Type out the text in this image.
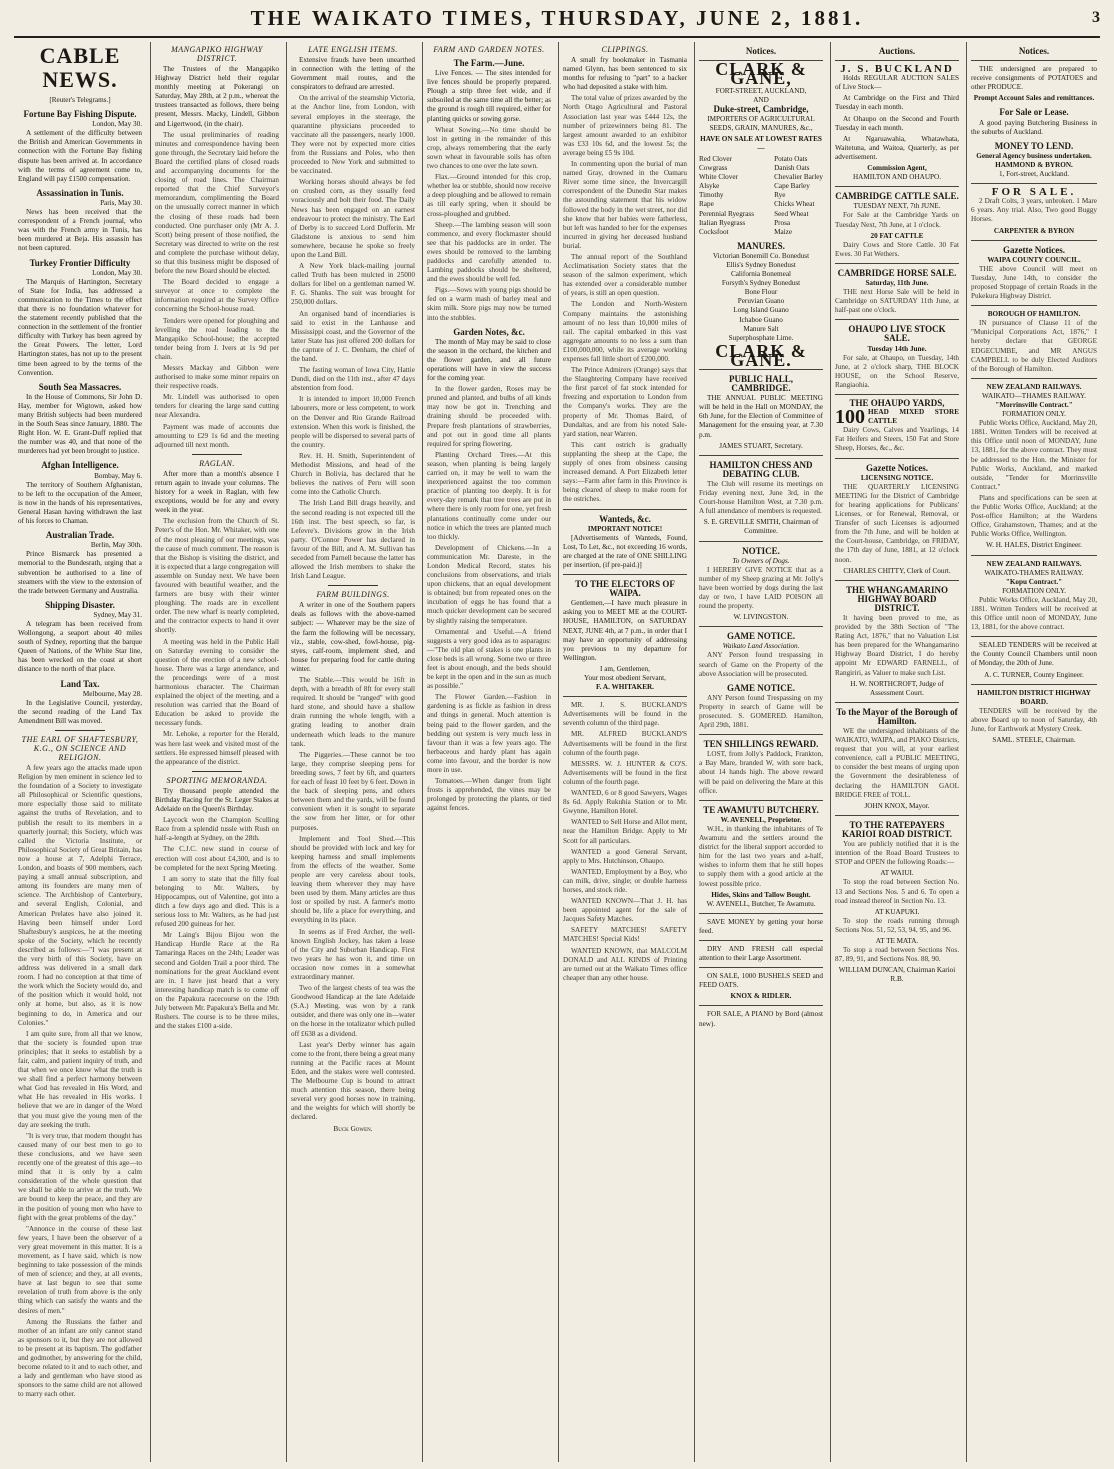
THE WAIKATO TIMES, THURSDAY, JUNE 2, 1881.	3
CABLE NEWS.
[Reuter's Telegrams.]
Fortune Bay Fishing Dispute.
London, May 30.

A settlement of the difficulty between the British and American Governments in connection with the Fortune Bay fishing dispute has been arrived at. In accordance with the terms of agreement come to, England will pay £1500 compensation.

Assassination in Tunis.
Paris, May 30.

News has been received that the correspondent of a French journal, who was with the French army in Tunis, has been murdered at Beja. His assassin has not been captured.

Turkey Frontier Difficulty
London, May 30.

The Marquis of Hartington, Secretary of State for India, has addressed a communication to the Times to the effect that there is no foundation whatever for the statement recently published that the connection in the settlement of the frontier difficulty with Turkey has been agreed by the Great Powers. The letter, Lord Hartington states, has not up to the present time been agreed to by the terms of the Convention.

South Sea Massacres.

In the House of Commons, Sir John D. Hay, member for Wigtown, asked how many British subjects had been murdered in the South Seas since January, 1880. The Right Hon. W. E. Grant-Duff replied that the number was 40, and that none of the murderers had yet been brought to justice.

Afghan Intelligence.
Bombay, May 6.

The territory of Southern Afghanistan, to be left to the occupation of the Ameer, is now in the hands of his representatives, General Hasan having withdrawn the last of his forces to Chaman.

Australian Trade.
Berlin, May 30th.

Prince Bismarck has presented a memorial to the Bundesrath, urging that a subvention be authorised to a line of steamers with the view to the extension of the trade between Germany and Australia.

Shipping Disaster.
Sydney, May 31.

A telegram has been received from Wollongong, a seaport about 40 miles south of Sydney, reporting that the barque Queen of Nations, of the White Star line, has been wrecked on the coast at short distance to the north of that place.

Land Tax.
Melbourne, May 28.

In the Legislative Council, yesterday, the second reading of the Land Tax Amendment Bill was moved.

THE EARL OF SHAFTESBURY, K.G., ON SCIENCE AND RELIGION.

A few years ago the attacks made upon Religion by men eminent in science led to the foundation of a Society to investigate all Philosophical or Scientific questions, more especially those said to militate against the truths of Revelation, and to publish the result to its members in a quarterly journal; this Society, which was called the Victoria Institute, or Philosophical Society of Great Britain, has now a house at 7, Adelphi Terrace, London, and boasts of 900 members, each paying a small annual subscription, and among its founders are many men of science. The Archbishop of Canterbury, and several English, Colonial, and American Prelates have also joined it. Having been himself under Lord Shaftesbury's auspices, he at the meeting spoke of the Society, which he recently described as follows:—"I was present at the very birth of this Society, have on address was delivered in a small dark room. I had no conception at that time of the work which the Society would do, and of the position which it would hold, not only at home, but also, as it is now beginning to do, in America and our Colonies."

I am quite sure, from all that we know, that the society is founded upon true principles; that it seeks to establish by a fair, calm, and patient inquiry of truth, and that when we once know what the truth is we shall find a perfect harmony between what God has revealed in His Word, and what He has revealed in His works. I believe that we are in danger of the Word that you must give the young men of the day are seeking the truth.

"It is very true, that modern thought has caused many of our best men to go to these conclusions, and we have seen recently one of the greatest of this age—to mind that it is only by a calm consideration of the whole question that we shall be able to arrive at the truth. We are bound to keep the peace, and they are in the position of young men who have to fight with the great problems of the day."

"Annonce in the course of these last few years, I have been the observer of a very great movement in this matter. It is a movement, as I have said, which is now beginning to take possession of the minds of men of science; and they, at all events, have at last begun to see that some revelation of truth from above is the only thing which can satisfy the wants and the desires of men."

Among the Russians the father and mother of an infant are only cannot stand as sponsors to it, but they are not allowed to be present at its baptism. The godfather and godmother, by answering for the child, become related to it and to each other, and a lady and gentleman who have stood as sponsors to the same child are not allowed to marry each other.

MANGAPIKO HIGHWAY DISTRICT.

The Trustees of the Mangapiko Highway District held their regular monthly meeting at Pokerangi on Saturday, May 28th, at 2 p.m., whereat the trustees transacted as follows, there being present, Messrs. Macky, Lindell, Gibbon and Ligertwood, (in the chair).

The usual preliminaries of reading minutes and correspondence having been gone through, the Secretary laid before the Board the certified plans of closed roads and accompanying documents for the closing of road lines. The Chairman reported that the Chief Surveyor's memorandum, complimenting the Board on the unusually correct manner in which the closing of these roads had been conducted. One purchaser only (Mr A. J. Scott) being present of those notified, the Secretary was directed to write on the rest and complete the purchase without delay, so that this business might be disposed of before the new Board should be elected.

The Board decided to engage a surveyor at once to complete the information required at the Survey Office concerning the School-house road.

Tenders were opened for ploughing and levelling the road leading to the Mangapiko School-house; the accepted tender being from J. Ivers at 1s 9d per chain.

Messrs Mackay and Gibbon were authorised to make some minor repairs on their respective roads.

Mr. Lindell was authorised to open tenders for clearing the large sand cutting near Alexandra.

Payment was made of accounts due amounting to £29 1s 6d and the meeting adjourned till next month.

RAGLAN.

After more than a month's absence I return again to invade your columns. The history for a week in Raglan, with few exceptions, would be for any and every week in the year.

The exclusion from the Church of St. Peter's of the Hon. Mr. Whitaker, with one of the most pleasing of our meetings, was the cause of much comment. The reason is that the Bishop is visiting the district, and it is expected that a large congregation will assemble on Sunday next. We have been favoured with beautiful weather, and the farmers are busy with their winter ploughing. The roads are in excellent order. The new wharf is nearly completed, and the contractor expects to hand it over shortly.

A meeting was held in the Public Hall on Saturday evening to consider the question of the erection of a new school-house. There was a large attendance, and the proceedings were of a most harmonious character. The Chairman explained the object of the meeting, and a resolution was carried that the Board of Education be asked to provide the necessary funds.

Mr. Lehoke, a reporter for the Herald, was here last week and visited most of the settlers. He expressed himself pleased with the appearance of the district.

SPORTING MEMORANDA.

Try thousand people attended the Birthday Racing for the St. Leger Stakes at Adelaide on the Queen's Birthday.

Laycock won the Champion Sculling Race from a splendid tussle with Rush on half-a-length at Sydney, on the 28th.

The C.J.C. new stand in course of erection will cost about £4,300, and is to be completed for the next Spring Meeting.

I am sorry to state that the filly foal belonging to Mr. Walters, by Hippocampus, out of Valentine, got into a ditch a few days ago and died. This is a serious loss to Mr. Walters, as he had just refused 200 guineas for her.

Mr Laing's Bijou Bijou won the Handicap Hurdle Race at the Ra Tamaringa Races on the 24th; Leader was second and Golden Trail a poor third. The nominations for the great Auckland event are in. I have just heard that a very interesting handicap match is to come off on the Papakura racecourse on the 19th July between Mr. Papakura's Bella and Mr. Rushers. The course is to be three miles, and the stakes £100 a-side.

LATE ENGLISH ITEMS.

Extensive frauds have been unearthed in connection with the letting of the Government mail routes, and the conspirators to defraud are arrested.

On the arrival of the steamship Victoria, at the Anchor line, from London, with several employes in the steerage, the quarantine physicians proceeded to vaccinate all the passengers, nearly 1000. They were not by expected more cities from the Russians and Poles, who then proceeded to New York and submitted to be vaccinated.

Working horses should always be fed on crushed corn, as they usually feed voraciously and bolt their food. The Daily News has been engaged on an earnest endeavour to protect the ministry. The Earl of Derby is to succeed Lord Dufferin. Mr Gladstone is anxious to send him somewhere, because he spoke so freely upon the Land Bill.

A New York black-mailing journal called Truth has been mulcted in 25000 dollars for libel on a gentleman named W. F. G. Shanks. The suit was brought for 250,000 dollars.

An organised band of incendiaries is said to exist in the Lanhause and Mississippi coast, and the Governor of the latter State has just offered 200 dollars for the capture of J. C. Denham, the chief of the band.

The fasting woman of Iowa City, Hattie Dundi, died on the 11th inst., after 47 days abstention from food.

It is intended to import 10,000 French labourers, more or less competent, to work on the Denver and Rio Grande Railroad extension. When this work is finished, the people will be dispersed to several parts of the country.

Rev. H. H. Smith, Superintendent of Methodist Missions, and head of the Church in Bolivia, has declared that he believes the natives of Peru will soon come into the Catholic Church.

The Irish Land Bill drags heavily, and the second reading is not expected till the 16th inst. The best speech, so far, is Lefevre's. Divisions grow in the Irish party. O'Connor Power has declared in favour of the Bill, and A. M. Sullivan has seceded from Parnell because the latter has allowed the Irish members to shake the Irish Land League.

FARM BUILDINGS.

A writer in one of the Southern papers deals as follows with the above-named subject: — Whatever may be the size of the farm the following will be necessary, viz., stable, cow-shed, fowl-house, pig-styes, calf-room, implement shed, and house for preparing food for cattle during winter.

The Stable.—This would be 16ft in depth, with a breadth of 8ft for every stall required. It should be "ranged" with good hard stone, and should have a shallow drain running the whole length, with a grating leading to another drain underneath which leads to the manure tank.

The Piggeries.—These cannot be too large, they comprise sleeping pens for breeding sows, 7 feet by 6ft, and quarters for each of feast 10 feet by 6 feet. Down in the back of sleeping pens, and others between them and the yards, will be found convenient when it is sought to separate the sow from her litter, or for other purposes.

Implement and Tool Shed.—This should be provided with lock and key for keeping harness and small implements from the effects of the weather. Some people are very careless about tools, leaving them wherever they may have been used by them. Many articles are thus lost or spoiled by rust. A farmer's motto should be, life a place for everything, and everything in its place.

In seems as if Fred Archer, the well-known English Jockey, has taken a lease of the City and Suburban Handicap. First two years he has won it, and time on occasion now comes in a somewhat extraordinary manner.

Two of the largest chests of tea was the Goodwood Handicap at the late Adelaide (S.A.) Meeting, was won by a rank outsider, and there was only one in—water on the horse in the totalizator which pulled off £638 as a dividend.

Last year's Derby winner has again come to the front, there being a great many running at the Pacific races at Mount Eden, and the stakes were well contested. The Melbourne Cup is bound to attract much attention this season, there being several very good horses now in training, and the weights for which will shortly be declared.

Buck Gowen.
FARM AND GARDEN NOTES.
The Farm.—June.

Live Fences. — The sites intended for live fences should be properly prepared. Plough a strip three feet wide, and if subsoiled at the same time all the better; as the ground is rough till required, either for planting quicks or sowing gorse.

Wheat Sowing.—No time should be lost in getting in the remainder of this crop, always remembering that the early sown wheat in favourable soils has often two chances to one over the late sown.

Flax.—Ground intended for this crop, whether lea or stubble, should now receive a deep ploughing and be allowed to remain as till early spring, when it should be cross-ploughed and grubbed.

Sheep.—The lambing season will soon commence, and every flockmaster should see that his paddocks are in order. The ewes should be removed to the lambing paddocks and carefully attended to. Lambing paddocks should be sheltered, and the ewes should be well fed.

Pigs.—Sows with young pigs should be fed on a warm mash of barley meal and skim milk. Store pigs may now be turned into the stubbles.

Garden Notes, &c.

The month of May may be said to close the season in the orchard, the kitchen and the flower garden, and all future operations will have in view the success for the coming year.

In the flower garden, Roses may be pruned and planted, and bulbs of all kinds may now be got in. Trenching and draining should be proceeded with. Prepare fresh plantations of strawberries, and pot out in good time all plants required for spring flowering.

Planting Orchard Trees.—At this season, when planting is being largely carried on, it may be well to warn the inexperienced against the too common practice of planting too deeply. It is for every-day remark that tree trees are put in where there is only room for one, yet fresh plantations continually come under our notice in which the trees are planted much too thickly.

Development of Chickens.—In a communication Mr. Dareste, in the London Medical Record, states his conclusions from observations, and trials upon chickens, that an equal development is obtained; but from repeated ones on the incubation of eggs he has found that a much quicker development can be secured by slightly raising the temperature.

Ornamental and Useful.—A friend suggests a very good idea as to asparagus:—"The old plan of stakes is one plants in close beds is all wrong. Some two or three feet is about enough, and the beds should be kept in the open and in the sun as much as possible."

The Flower Garden.—Fashion in gardening is as fickle as fashion in dress and things in general. Much attention is being paid to the flower garden, and the bedding out system is very much less in favour than it was a few years ago. The herbaceous and hardy plant has again come into favour, and the border is now more in use.

Tomatoes.—When danger from light frosts is apprehended, the vines may be prolonged by protecting the plants, or tied against fences.

CLIPPINGS.

A small fry bookmaker in Tasmania named Glynn, has been sentenced to six months for refusing to "part" to a backer who had deposited a stake with him.

The total value of prizes awarded by the North Otago Agricultural and Pastoral Association last year was £444 12s, the number of prizewinners being 81. The largest amount awarded to an exhibitor was £33 10s 6d, and the lowest 5s; the average being £5 9s 10d.

In commenting upon the burial of man named Gray, drowned in the Oamaru River some time since, the Invercargill correspondent of the Dunedin Star makes the astounding statement that his widow followed the body in the wet street, nor did she know that her babies were fatherless, but left was handed to her for the expenses incurred in giving her deceased husband burial.

The annual report of the Southland Acclimatisation Society states that the season of the salmon experiment, which has extended over a considerable number of years, is still an open question.

The London and North-Western Company maintains the astonishing amount of no less than 10,000 miles of rail. The capital embarked in this vast aggregate amounts to no less a sum than £100,000,000, while its average working expenses fall little short of £200,000.

The Prince Admirers (Orange) says that the Slaughtering Company have received the first parcel of fat stock intended for freezing and exportation to London from the Company's works. They are the property of Mr. Thomas Baird, of Dundaltas, and are from his noted Sale-yard station, near Warren.

This cant ostrich is gradually supplanting the sheep at the Cape, the supply of ones from obsiness causing increased demand. A Port Elizabeth letter says:—Farm after farm in this Province is being cleared of sheep to make room for the ostriches.

Wanteds, &c.
IMPORTANT NOTICE!

[Advertisements of Wanteds, Found, Lost, To Let, &c., not exceeding 16 words, are charged at the rate of ONE SHILLING per insertion, (if pre-paid.)]

TO THE ELECTORS OF WAIPA.

Gentlemen,—I have much pleasure in asking you to MEET ME at the COURT-HOUSE, HAMILTON, on SATURDAY NEXT, JUNE 4th, at 7 p.m., in order that I may have an opportunity of addressing you previous to my departure for Wellington.

I am, Gentlemen,
Your most obedient Servant,
F. A. WHITAKER.

MR. J. S. BUCKLAND'S Advertisements will be found in the seventh column of the third page.

MR. ALFRED BUCKLAND'S Advertisements will be found in the first column of the fourth page.

MESSRS. W. J. HUNTER & CO'S. Advertisements will be found in the first column of the fourth page.

WANTED, 6 or 8 good Sawyers, Wages 8s 6d. Apply Rukuhia Station or to Mr. Gwynne, Hamilton Hotel.

WANTED to Sell Horse and Allot ment, near the Hamilton Bridge. Apply to Mr Scott for all particulars.

WANTED a good General Servant, apply to Mrs. Hutchinson, Ohaupo.

WANTED, Employment by a Boy, who can milk, drive, single; or double harness horses, and stock ride.

WANTED KNOWN—That J. H. has been appointed agent for the sale of Jacques Safety Matches.

SAFETY MATCHES! SAFETY MATCHES! Special Kids!

WANTED KNOWN, that MALCOLM DONALD and ALL KINDS of Printing are turned out at the Waikato Times office cheaper than any other house.

Notices.
CLARK & GANE,
FORT-STREET, AUCKLAND,
AND
Duke-street, Cambridge,
IMPORTERS OF AGRICULTURAL SEEDS, GRAIN, MANURES, &c.,
HAVE ON SALE AT LOWEST RATES —
Red Clover
Cowgrass
White Clover
Alsyke
Timothy
Rape
Perennial Ryegrass
Italian Ryegrass
Cocksfoot
Potato Oats
Danish Oats
Chevalier Barley
Cape Barley
Rye
Chicks Wheat
Seed Wheat
Prosa
Maize
MANURES.
Victorian Bonemill Co. Bonedust
Ellis's Sydney Bonedust
California Bonemeal
Forsyth's Sydney Bonedust
Bone Flour
Peruvian Guano
Long Island Guano
Ichaboe Guano
Manure Salt
Superphosphate Lime.
CLARK & GANE.
PUBLIC HALL, CAMBRIDGE.

THE ANNUAL PUBLIC MEETING will be held in the Hall on MONDAY, the 6th June, for the Election of Committee of Management for the ensuing year, at 7.30 p.m.

JAMES STUART, Secretary.
HAMILTON CHESS AND DEBATING CLUB.

The Club will resume its meetings on Friday evening next, June 3rd, in the Court-house Hamilton West, at 7.30 p.m. A full attendance of members is requested.

S. E. GREVILLE SMITH, Chairman of Committee.
NOTICE.
To Owners of Dogs.

I HEREBY GIVE NOTICE that as a number of my Sheep grazing at Mr. Jolly's have been worried by dogs during the last day or two, I have LAID POISON all round the property.

W. LIVINGSTON.
GAME NOTICE.
Waikato Land Association.

ANY Person found trespassing in search of Game on the Property of the above Association will be prosecuted.

GAME NOTICE.

ANY Person found Trespassing on my Property in search of Game will be prosecuted. S. GOMERED. Hamilton, April 29th, 1881.

TEN SHILLINGS REWARD.

LOST, from Jolly's Paddock, Frankton, a Bay Mare, branded W, with sore back, about 14 hands high. The above reward will be paid on delivering the Mare at this office.

TE AWAMUTU BUTCHERY.
W. AVENELL, Proprietor.

W.H., in thanking the inhabitants of Te Awamutu and the settlers around the district for the liberal support accorded to him for the last two years and a-half, wishes to inform them that he still hopes to supply them with a good article at the lowest possible price.

Hides, Skins and Tallow Bought.
W. AVENELL, Butcher, Te Awamutu.

SAVE MONEY by getting your horse feed.

DRY AND FRESH call especial attention to their Large Assortment.

ON SALE, 1000 BUSHELS SEED and FEED OATS.

KNOX & RIDLER.

FOR SALE, A PIANO by Bord (almost new).

Auctions.
J. S. BUCKLAND

Holds REGULAR AUCTION SALES of Live Stock—

At Cambridge on the First and Third Tuesday in each month.

At Ohaupo on the Second and Fourth Tuesday in each month.

At Ngaruawahia, Whatawhata, Waitetuna, and Waitoa, Quarterly, as per advertisement.

Commission Agent,
HAMILTON AND OHAUPO.
CAMBRIDGE CATTLE SALE.
TUESDAY NEXT, 7th JUNE.

For Sale at the Cambridge Yards on Tuesday Next, 7th June, at 1 o'clock.

20 FAT CATTLE

Dairy Cows and Store Cattle. 30 Fat Ewes. 30 Fat Wethers.

CAMBRIDGE HORSE SALE.
Saturday, 11th June.

THE next Horse Sale will be held in Cambridge on SATURDAY 11th June, at half-past one o'clock.

OHAUPO LIVE STOCK SALE.
Tuesday 14th June.

For sale, at Ohaupo, on Tuesday, 14th June, at 2 o'clock sharp, THE BLOCK HOUSE, on the School Reserve, Rangiaohia.

THE OHAUPO YARDS,
100 HEAD MIXED STORE CATTLE

Dairy Cows, Calves and Yearlings, 14 Fat Heifers and Steers, 150 Fat and Store Sheep, Horses, &c., &c.

Gazette Notices.
LICENSING NOTICE.

THE QUARTERLY LICENSING MEETING for the District of Cambridge for hearing applications for Publicans' Licenses, or for Renewal, Removal, or Transfer of such Licenses is adjourned from the 7th June, and will be holden at the Court-house, Cambridge, on FRIDAY, the 17th day of June, 1881, at 12 o'clock noon.

CHARLES CHITTY, Clerk of Court.
THE WHANGAMARINO HIGHWAY BOARD DISTRICT.

It having been proved to me, as provided by the 38th Section of "The Rating Act, 1876," that no Valuation List has been prepared for the Whangamarino Highway Board District, I do hereby appoint Mr EDWARD FARNELL, of Rangiriri, as Valuer to make such List.

H. W. NORTHCROFT, Judge of Assessment Court.
To the Mayor of the Borough of Hamilton.

WE the undersigned inhabitants of the WAIKATO, WAIPA, and PIAKO Districts, request that you will, at your earliest convenience, call a PUBLIC MEETING, to consider the best means of urging upon the Government the desirableness of declaring the HAMILTON GAOL BRIDGE FREE of TOLL.

JOHN KNOX, Mayor.
TO THE RATEPAYERS KARIOI ROAD DISTRICT.

You are publicly notified that it is the intention of the Road Board Trustees to STOP and OPEN the following Roads:—

AT WAIUI.

To stop the road between Section No. 13 and Sections Nos. 5 and 6. To open a road instead thereof in Section No. 13.

AT KUAPUKI.

To stop the roads running through Sections Nos. 51, 52, 53, 94, 95, and 96.

AT TE MATA.

To stop a road between Sections Nos. 87, 89, 91, and Sections Nos. 88, 90.

WILLIAM DUNCAN, Chairman Karioi R.B.
Notices.

THE undersigned are prepared to receive consignments of POTATOES and other PRODUCE.

Prompt Account Sales and remittances.
For Sale or Lease.

A good paying Butchering Business in the suburbs of Auckland.

MONEY TO LEND.
General Agency business undertaken.
HAMMOND & BYRON.
1, Fort-street, Auckland.
FOR SALE.

2 Draft Colts, 3 years, unbroken. 1 Mare 6 years. Any trial. Also, Two good Buggy Horses.

CARPENTER & BYRON
Gazette Notices.
WAIPA COUNTY COUNCIL.

THE above Council will meet on Tuesday, June 14th, to consider the proposed Stoppage of certain Roads in the Pukekura Highway District.

BOROUGH OF HAMILTON.

IN pursuance of Clause 11 of the "Municipal Corporations Act, 1876," I hereby declare that GEORGE EDGECUMBE, and MR ANGUS CAMPBELL to be duly Elected Auditors of the Borough of Hamilton.

NEW ZEALAND RAILWAYS.
WAIKATO—THAMES RAILWAY.
"Morrinsville Contract."
FORMATION ONLY.

Public Works Office, Auckland, May 20, 1881. Written Tenders will be received at this Office until noon of MONDAY, June 13, 1881, for the above contract. They must be addressed to the Hon. the Minister for Public Works, Auckland, and marked outside, "Tender for Morrinsville Contract."

Plans and specifications can be seen at the Public Works Office, Auckland; at the Post-office Hamilton; at the Wardens Office, Grahamstown, Thames; and at the Public Works Office, Wellington.

W. H. HALES, District Engineer.
NEW ZEALAND RAILWAYS.
WAIKATO-THAMES RAILWAY.
"Kopu Contract."
FORMATION ONLY.

Public Works Office, Auckland, May 20, 1881. Written Tenders will be received at this Office until noon of MONDAY, June 13, 1881, for the above contract.

SEALED TENDERS will be received at the County Council Chambers until noon of Monday, the 20th of June.

A. C. TURNER, County Engineer.
HAMILTON DISTRICT HIGHWAY BOARD.

TENDERS will be received by the above Board up to noon of Saturday, 4th June, for Earthwork at Mystery Creek.

SAML. STEELE, Chairman.
